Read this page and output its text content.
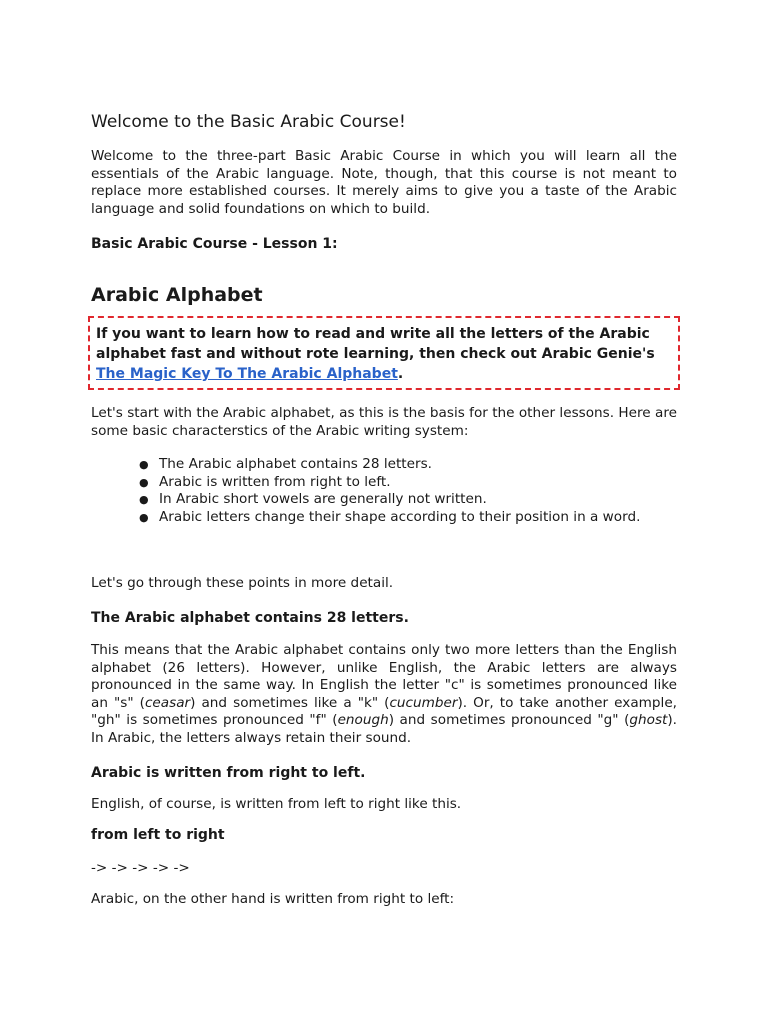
Welcome to the Basic Arabic Course!

Welcome to the three-part Basic Arabic Course in which you will learn all the essentials of the Arabic language. Note, though, that this course is not meant to replace more established courses. It merely aims to give you a taste of the Arabic language and solid foundations on which to build.

Basic Arabic Course - Lesson 1:
Arabic Alphabet
If you want to learn how to read and write all the letters of the Arabic alphabet fast and without rote learning, then check out Arabic Genie's The Magic Key To The Arabic Alphabet.

Let's start with the Arabic alphabet, as this is the basis for the other lessons. Here are some basic characterstics of the Arabic writing system:

● The Arabic alphabet contains 28 letters.
● Arabic is written from right to left.
● In Arabic short vowels are generally not written.
● Arabic letters change their shape according to their position in a word.

Let's go through these points in more detail.

The Arabic alphabet contains 28 letters.

This means that the Arabic alphabet contains only two more letters than the English alphabet (26 letters). However, unlike English, the Arabic letters are always pronounced in the same way. In English the letter "c" is sometimes pronounced like an "s" (ceasar) and sometimes like a "k" (cucumber). Or, to take another example, "gh" is sometimes pronounced "f" (enough) and sometimes pronounced "g" (ghost). In Arabic, the letters always retain their sound.

Arabic is written from right to left.

English, of course, is written from left to right like this.

from left to right

-> -> -> -> ->

Arabic, on the other hand is written from right to left:
